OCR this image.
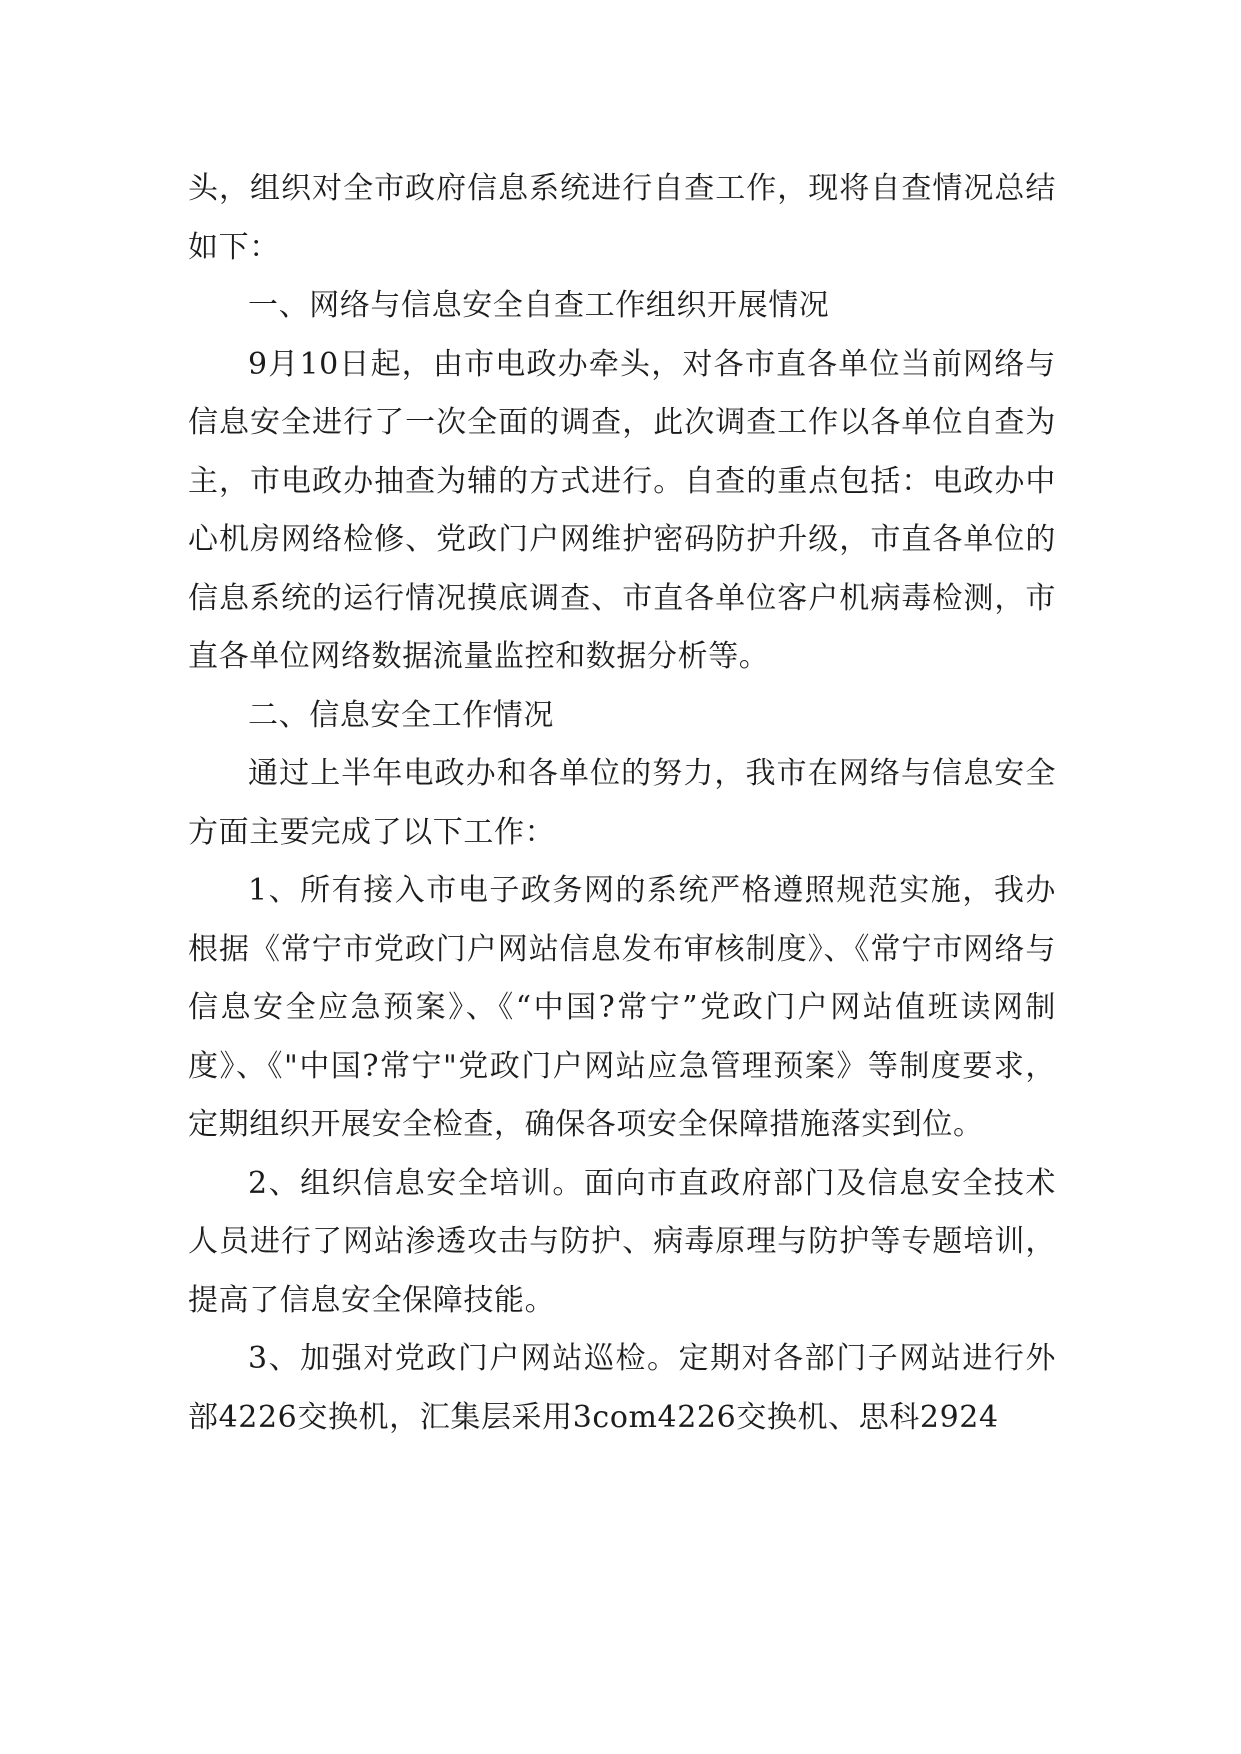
头，组织对全市政府信息系统进行自查工作，现将自查情况总结如下：

一、网络与信息安全自查工作组织开展情况

9月10日起，由市电政办牵头，对各市直各单位当前网络与信息安全进行了一次全面的调查，此次调查工作以各单位自查为主，市电政办抽查为辅的方式进行。自查的重点包括：电政办中心机房网络检修、党政门户网维护密码防护升级，市直各单位的信息系统的运行情况摸底调查、市直各单位客户机病毒检测，市直各单位网络数据流量监控和数据分析等。

二、信息安全工作情况

通过上半年电政办和各单位的努力，我市在网络与信息安全方面主要完成了以下工作：

1、所有接入市电子政务网的系统严格遵照规范实施，我办根据《常宁市党政门户网站信息发布审核制度》、《常宁市网络与信息安全应急预案》、《“中国?常宁”党政门户网站值班读网制度》、《"中国?常宁"党政门户网站应急管理预案》等制度要求，定期组织开展安全检查，确保各项安全保障措施落实到位。

2、组织信息安全培训。面向市直政府部门及信息安全技术人员进行了网站渗透攻击与防护、病毒原理与防护等专题培训，提高了信息安全保障技能。

3、加强对党政门户网站巡检。定期对各部门子网站进行外部4226交换机，汇集层采用3com4226交换机、思科2924
